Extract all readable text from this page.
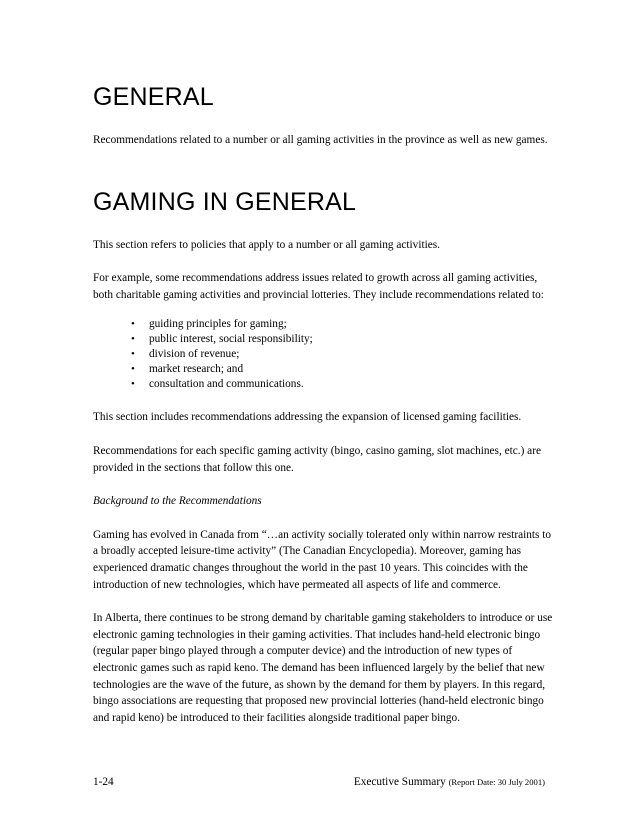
GENERAL

Recommendations related to a number or all gaming activities in the province as well as new games.

GAMING IN GENERAL

This section refers to policies that apply to a number or all gaming activities.

For example, some recommendations address issues related to growth across all gaming activities, both charitable gaming activities and provincial lotteries. They include recommendations related to:

• guiding principles for gaming;
• public interest, social responsibility;
• division of revenue;
• market research; and
• consultation and communications.

This section includes recommendations addressing the expansion of licensed gaming facilities.

Recommendations for each specific gaming activity (bingo, casino gaming, slot machines, etc.) are provided in the sections that follow this one.

Background to the Recommendations

Gaming has evolved in Canada from “…an activity socially tolerated only within narrow restraints to a broadly accepted leisure-time activity” (The Canadian Encyclopedia). Moreover, gaming has experienced dramatic changes throughout the world in the past 10 years. This coincides with the introduction of new technologies, which have permeated all aspects of life and commerce.

In Alberta, there continues to be strong demand by charitable gaming stakeholders to introduce or use electronic gaming technologies in their gaming activities. That includes hand-held electronic bingo (regular paper bingo played through a computer device) and the introduction of new types of electronic games such as rapid keno. The demand has been influenced largely by the belief that new technologies are the wave of the future, as shown by the demand for them by players. In this regard, bingo associations are requesting that proposed new provincial lotteries (hand-held electronic bingo and rapid keno) be introduced to their facilities alongside traditional paper bingo.

1-24	Executive Summary (Report Date: 30 July 2001)
